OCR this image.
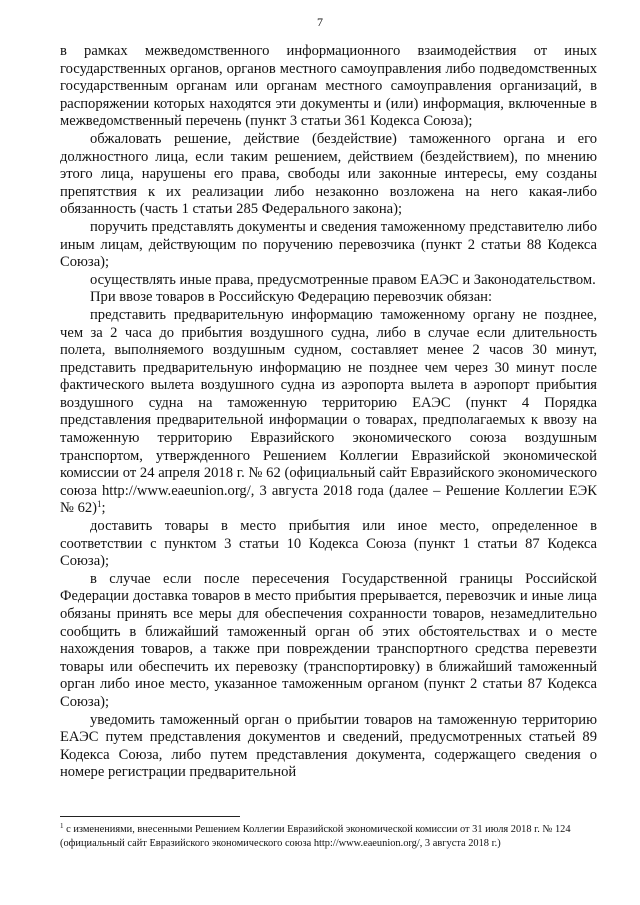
7

в рамках межведомственного информационного взаимодействия от иных государственных органов, органов местного самоуправления либо подведомственных государственным органам или органам местного самоуправления организаций, в распоряжении которых находятся эти документы и (или) информация, включенные в межведомственный перечень (пункт 3 статьи 361 Кодекса Союза);

обжаловать решение, действие (бездействие) таможенного органа и его должностного лица, если таким решением, действием (бездействием), по мнению этого лица, нарушены его права, свободы или законные интересы, ему созданы препятствия к их реализации либо незаконно возложена на него какая-либо обязанность (часть 1 статьи 285 Федерального закона);

поручить представлять документы и сведения таможенному представителю либо иным лицам, действующим по поручению перевозчика (пункт 2 статьи 88 Кодекса Союза);

осуществлять иные права, предусмотренные правом ЕАЭС и Законодательством.

При ввозе товаров в Российскую Федерацию перевозчик обязан:

представить предварительную информацию таможенному органу не позднее, чем за 2 часа до прибытия воздушного судна, либо в случае если длительность полета, выполняемого воздушным судном, составляет менее 2 часов 30 минут, представить предварительную информацию не позднее чем через 30 минут после фактического вылета воздушного судна из аэропорта вылета в аэропорт прибытия воздушного судна на таможенную территорию ЕАЭС (пункт 4 Порядка представления предварительной информации о товарах, предполагаемых к ввозу на таможенную территорию Евразийского экономического союза воздушным транспортом, утвержденного Решением Коллегии Евразийской экономической комиссии от 24 апреля 2018 г. № 62 (официальный сайт Евразийского экономического союза http://www.eaeunion.org/, 3 августа 2018 года (далее – Решение Коллегии ЕЭК № 62)$^1$;

доставить товары в место прибытия или иное место, определенное в соответствии с пунктом 3 статьи 10 Кодекса Союза (пункт 1 статьи 87 Кодекса Союза);

в случае если после пересечения Государственной границы Российской Федерации доставка товаров в место прибытия прерывается, перевозчик и иные лица обязаны принять все меры для обеспечения сохранности товаров, незамедлительно сообщить в ближайший таможенный орган об этих обстоятельствах и о месте нахождения товаров, а также при повреждении транспортного средства перевезти товары или обеспечить их перевозку (транспортировку) в ближайший таможенный орган либо иное место, указанное таможенным органом (пункт 2 статьи 87 Кодекса Союза);

уведомить таможенный орган о прибытии товаров на таможенную территорию ЕАЭС путем представления документов и сведений, предусмотренных статьей 89 Кодекса Союза, либо путем представления документа, содержащего сведения о номере регистрации предварительной

$^1$ с изменениями, внесенными Решением Коллегии Евразийской экономической комиссии от 31 июля 2018 г. № 124 (официальный сайт Евразийского экономического союза http://www.eaeunion.org/, 3 августа 2018 г.)
